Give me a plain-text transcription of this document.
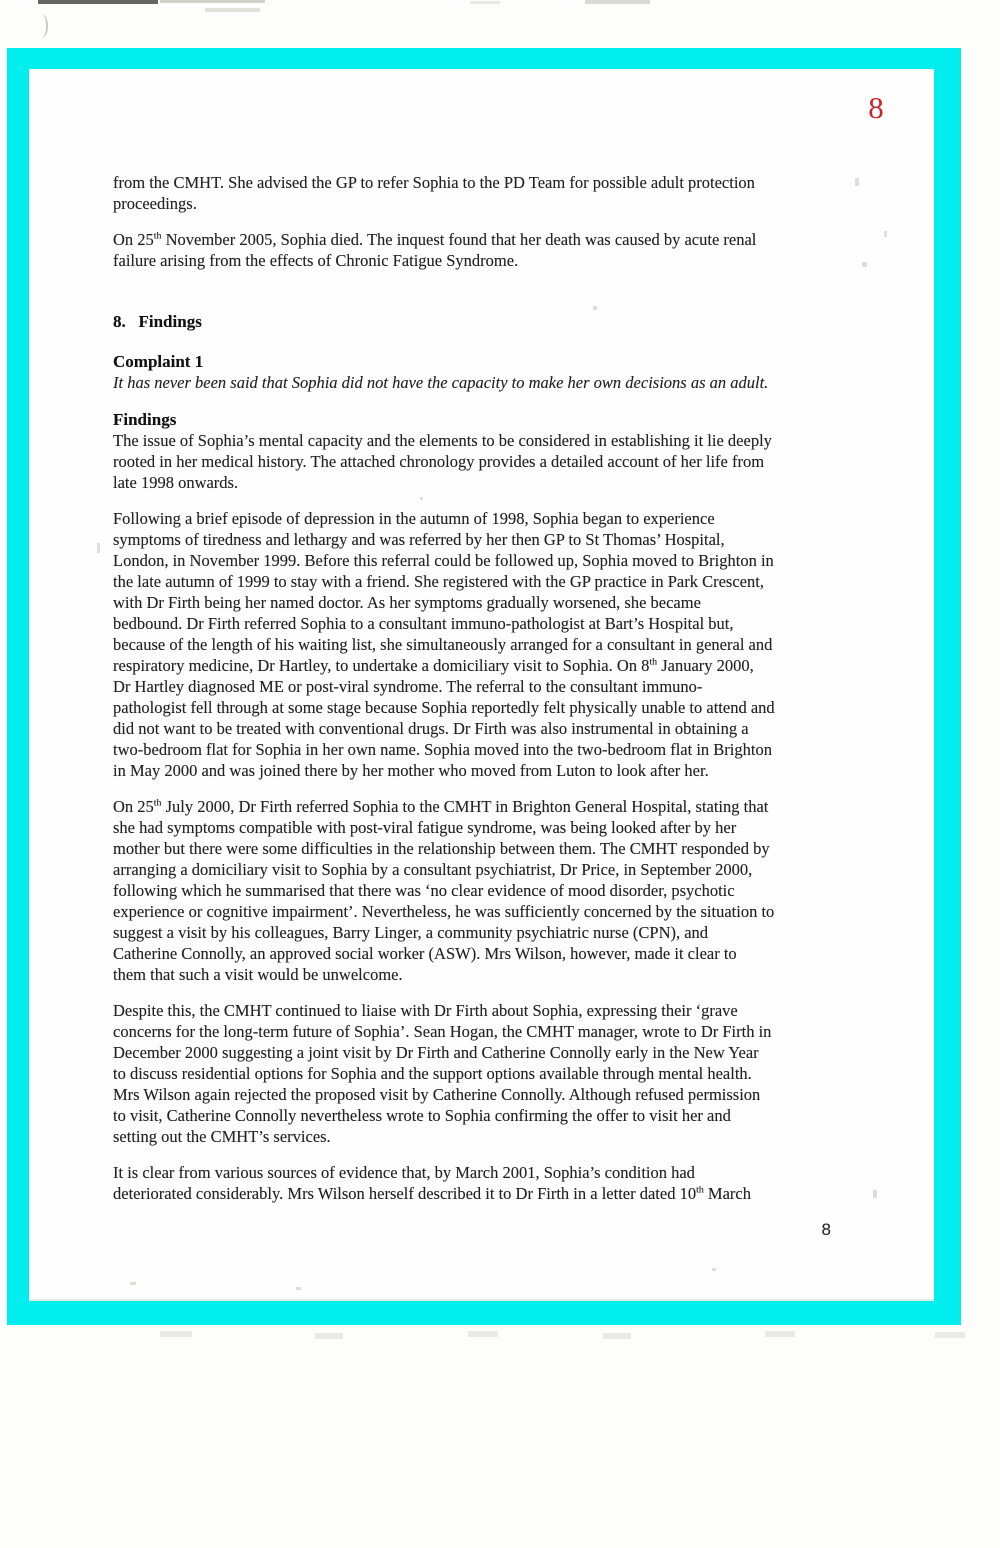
8
from the CMHT. She advised the GP to refer Sophia to the PD Team for possible adult protection
proceedings.
On 25th November 2005, Sophia died. The inquest found that her death was caused by acute renal
failure arising from the effects of Chronic Fatigue Syndrome.
8.   Findings
Complaint 1
It has never been said that Sophia did not have the capacity to make her own decisions as an adult.
Findings
The issue of Sophia’s mental capacity and the elements to be considered in establishing it lie deeply
rooted in her medical history. The attached chronology provides a detailed account of her life from
late 1998 onwards.
Following a brief episode of depression in the autumn of 1998, Sophia began to experience
symptoms of tiredness and lethargy and was referred by her then GP to St Thomas’ Hospital,
London, in November 1999. Before this referral could be followed up, Sophia moved to Brighton in
the late autumn of 1999 to stay with a friend. She registered with the GP practice in Park Crescent,
with Dr Firth being her named doctor. As her symptoms gradually worsened, she became
bedbound. Dr Firth referred Sophia to a consultant immuno-pathologist at Bart’s Hospital but,
because of the length of his waiting list, she simultaneously arranged for a consultant in general and
respiratory medicine, Dr Hartley, to undertake a domiciliary visit to Sophia. On 8th January 2000,
Dr Hartley diagnosed ME or post-viral syndrome. The referral to the consultant immuno-
pathologist fell through at some stage because Sophia reportedly felt physically unable to attend and
did not want to be treated with conventional drugs. Dr Firth was also instrumental in obtaining a
two-bedroom flat for Sophia in her own name. Sophia moved into the two-bedroom flat in Brighton
in May 2000 and was joined there by her mother who moved from Luton to look after her.
On 25th July 2000, Dr Firth referred Sophia to the CMHT in Brighton General Hospital, stating that
she had symptoms compatible with post-viral fatigue syndrome, was being looked after by her
mother but there were some difficulties in the relationship between them. The CMHT responded by
arranging a domiciliary visit to Sophia by a consultant psychiatrist, Dr Price, in September 2000,
following which he summarised that there was ‘no clear evidence of mood disorder, psychotic
experience or cognitive impairment’. Nevertheless, he was sufficiently concerned by the situation to
suggest a visit by his colleagues, Barry Linger, a community psychiatric nurse (CPN), and
Catherine Connolly, an approved social worker (ASW). Mrs Wilson, however, made it clear to
them that such a visit would be unwelcome.
Despite this, the CMHT continued to liaise with Dr Firth about Sophia, expressing their ‘grave
concerns for the long-term future of Sophia’. Sean Hogan, the CMHT manager, wrote to Dr Firth in
December 2000 suggesting a joint visit by Dr Firth and Catherine Connolly early in the New Year
to discuss residential options for Sophia and the support options available through mental health.
Mrs Wilson again rejected the proposed visit by Catherine Connolly. Although refused permission
to visit, Catherine Connolly nevertheless wrote to Sophia confirming the offer to visit her and
setting out the CMHT’s services.
It is clear from various sources of evidence that, by March 2001, Sophia’s condition had
deteriorated considerably. Mrs Wilson herself described it to Dr Firth in a letter dated 10th March
8
